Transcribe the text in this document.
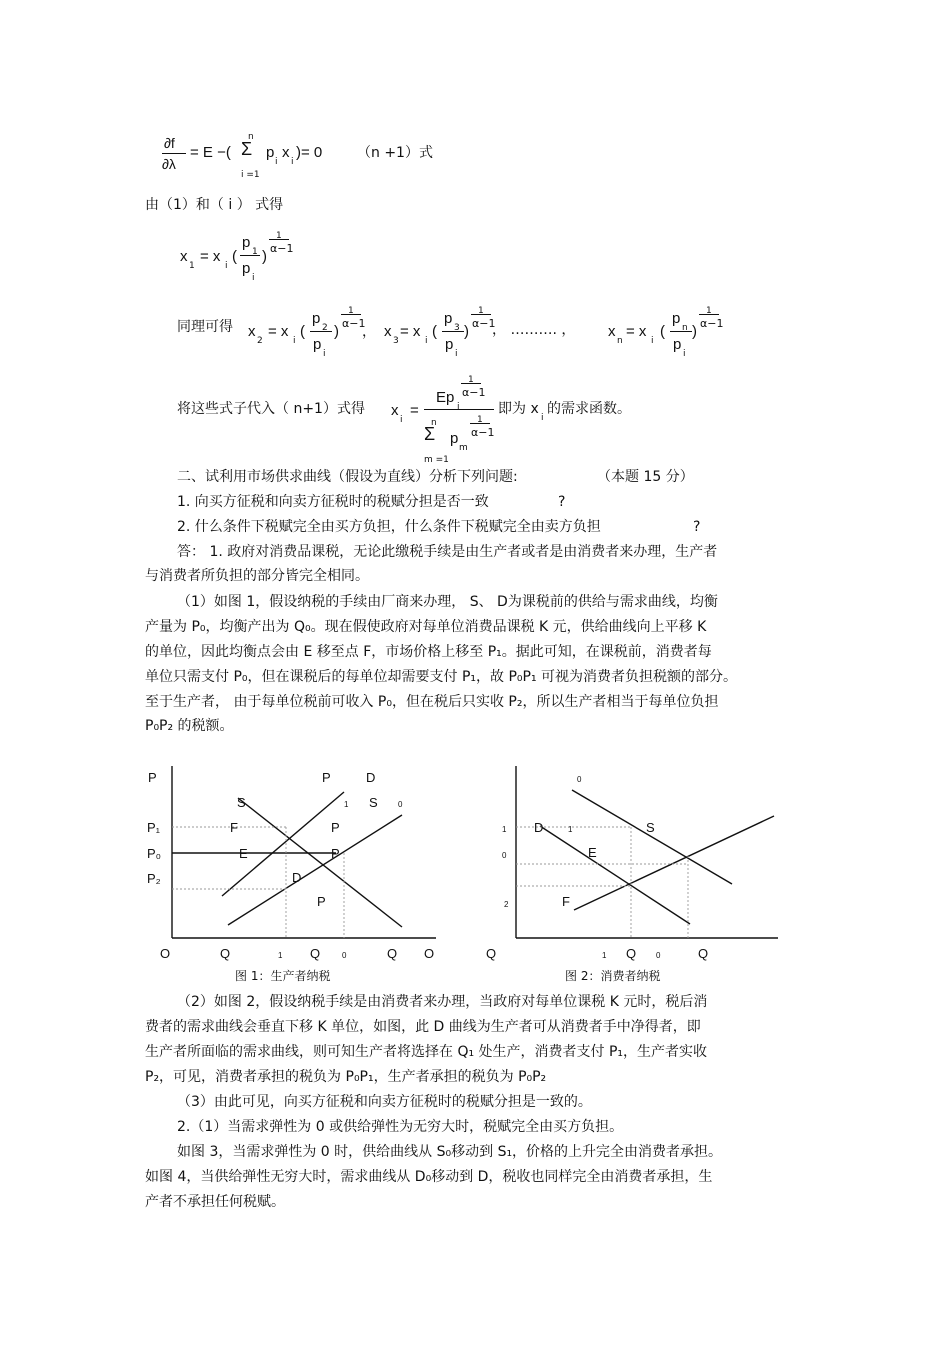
∂f
∂λ
= E −(
n
Σ
i =1
p
i
x
i
)= 0 （n +1）式
由（1）和（ i ） 式得
x
1
= x
i
(
p
1
p
i
)
1
α−1
同理可得 x
2
= x
i
(
p
2
p
i
)
1
α−1
， x
3
= x
i
(
p
3
p
i
)
1
α−1
， ………. ， x
n
= x
i
(
p
n
p
i
)
1
α−1
将这些式子代入（ n+1）式得 x
i
=
Ep
i
1
α−1
n
Σ
m =1
p
m
1
α−1
即为 x
i
的需求函数。
二、试利用市场供求曲线（假设为直线）分析下列问题:	（本题 15 分）
1. 向买方征税和向卖方征税时的税赋分担是否一致	?
2. 什么条件下税赋完全由买方负担，什么条件下税赋完全由卖方负担	?
答： 1. 政府对消费品课税，无论此缴税手续是由生产者或者是由消费者来办理，生产者
与消费者所负担的部分皆完全相同。
（1）如图 1，假设纳税的手续由厂商来办理， S、 D为课税前的供给与需求曲线，均衡
产量为 P₀，均衡产出为 Q₀。现在假使政府对每单位消费品课税 K 元，供给曲线向上平移 K
的单位，因此均衡点会由 E 移至点 F，市场价格上移至 P₁。据此可知，在课税前，消费者每
单位只需支付 P₀，但在课税后的每单位却需要支付 P₁，故 P₀P₁ 可视为消费者负担税额的部分。
至于生产者， 由于每单位税前可收入 P₀，但在税后只实收 P₂，所以生产者相当于每单位负担
P₀P₂ 的税额。
P	P	D
S	1 S	0
P₁	F	P
P₀	E	P
P₂	D
P
O	Q	1 Q	0	Q O
图 1：生产者纳税
0
1 D	1	S
0	E
2	F
Q	1 Q 0	Q
图 2：消费者纳税
（2）如图 2，假设纳税手续是由消费者来办理，当政府对每单位课税 K 元时，税后消
费者的需求曲线会垂直下移 K 单位，如图，此 D 曲线为生产者可从消费者手中净得者，即
生产者所面临的需求曲线，则可知生产者将选择在 Q₁ 处生产，消费者支付 P₁，生产者实收
P₂，可见，消费者承担的税负为 P₀P₁，生产者承担的税负为 P₀P₂
（3）由此可见，向买方征税和向卖方征税时的税赋分担是一致的。
2.（1）当需求弹性为 0 或供给弹性为无穷大时，税赋完全由买方负担。
如图 3，当需求弹性为 0 时，供给曲线从 S₀移动到 S₁，价格的上升完全由消费者承担。
如图 4，当供给弹性无穷大时，需求曲线从 D₀移动到 D，税收也同样完全由消费者承担，生
产者不承担任何税赋。
